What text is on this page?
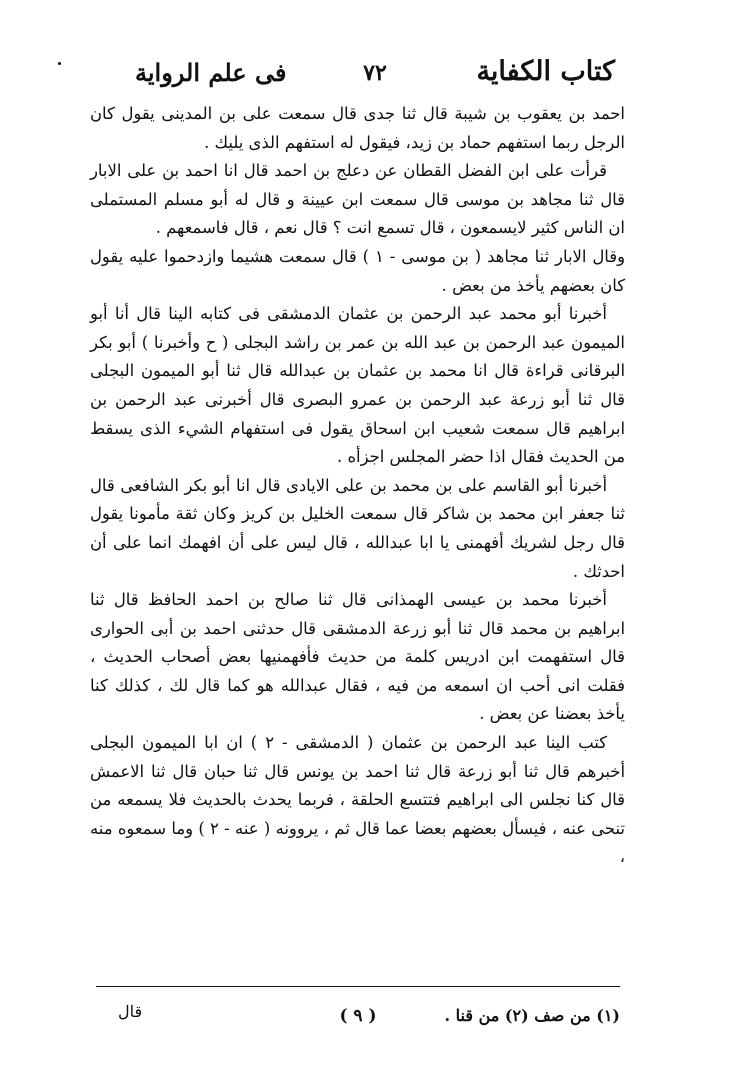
كتاب الكفاية
٧٢
فى علم الرواية

احمد بن يعقوب بن شيبة قال ثنا جدى قال سمعت على بن المدينى يقول كان الرجل ربما استفهم حماد بن زيد، فيقول له استفهم الذى يليك .

قرأت على ابن الفضل القطان عن دعلج بن احمد قال انا احمد بن على الابار قال ثنا مجاهد بن موسى قال سمعت ابن عيينة و قال له أبو مسلم المستملى ان الناس كثير لايسمعون ، قال تسمع انت ؟ قال نعم ، قال فاسمعهم .

وقال الابار ثنا مجاهد ( بن موسى - ١ ) قال سمعت هشيما وازدحموا عليه يقول كان بعضهم يأخذ من بعض .

أخبرنا أبو محمد عبد الرحمن بن عثمان الدمشقى فى كتابه الينا قال أنا أبو الميمون عبد الرحمن بن عبد الله بن عمر بن راشد البجلى ( ح وأخبرنا ) أبو بكر البرقانى قراءة قال انا محمد بن عثمان بن عبدالله قال ثنا أبو الميمون البجلى قال ثنا أبو زرعة عبد الرحمن بن عمرو البصرى قال أخبرنى عبد الرحمن بن ابراهيم قال سمعت شعيب ابن اسحاق يقول فى استفهام الشيء الذى يسقط من الحديث فقال اذا حضر المجلس اجزأه .

أخبرنا أبو القاسم على بن محمد بن على الايادى قال انا أبو بكر الشافعى قال ثنا جعفر ابن محمد بن شاكر قال سمعت الخليل بن كريز وكان ثقة مأمونا يقول قال رجل لشريك أفهمنى يا ابا عبدالله ، قال ليس على أن افهمك انما على أن احدثك .

أخبرنا محمد بن عيسى الهمذانى قال ثنا صالح بن احمد الحافظ قال ثنا ابراهيم بن محمد قال ثنا أبو زرعة الدمشقى قال حدثنى احمد بن أبى الحوارى قال استفهمت ابن ادريس كلمة من حديث فأفهمنيها بعض أصحاب الحديث ، فقلت انى أحب ان اسمعه من فيه ، فقال عبدالله هو كما قال لك ، كذلك كنا يأخذ بعضنا عن بعض .

كتب الينا عبد الرحمن بن عثمان ( الدمشقى - ٢ ) ان ابا الميمون البجلى أخبرهم قال ثنا أبو زرعة قال ثنا احمد بن يونس قال ثنا حبان قال ثنا الاعمش قال كنا نجلس الى ابراهيم فتتسع الحلقة ، فربما يحدث بالحديث فلا يسمعه من تنحى عنه ، فيسأل بعضهم بعضا عما قال ثم ، يروونه ( عنه - ٢ ) وما سمعوه منه ،

(١) من صف (٢) من قنا .
( ٩ )
قال
